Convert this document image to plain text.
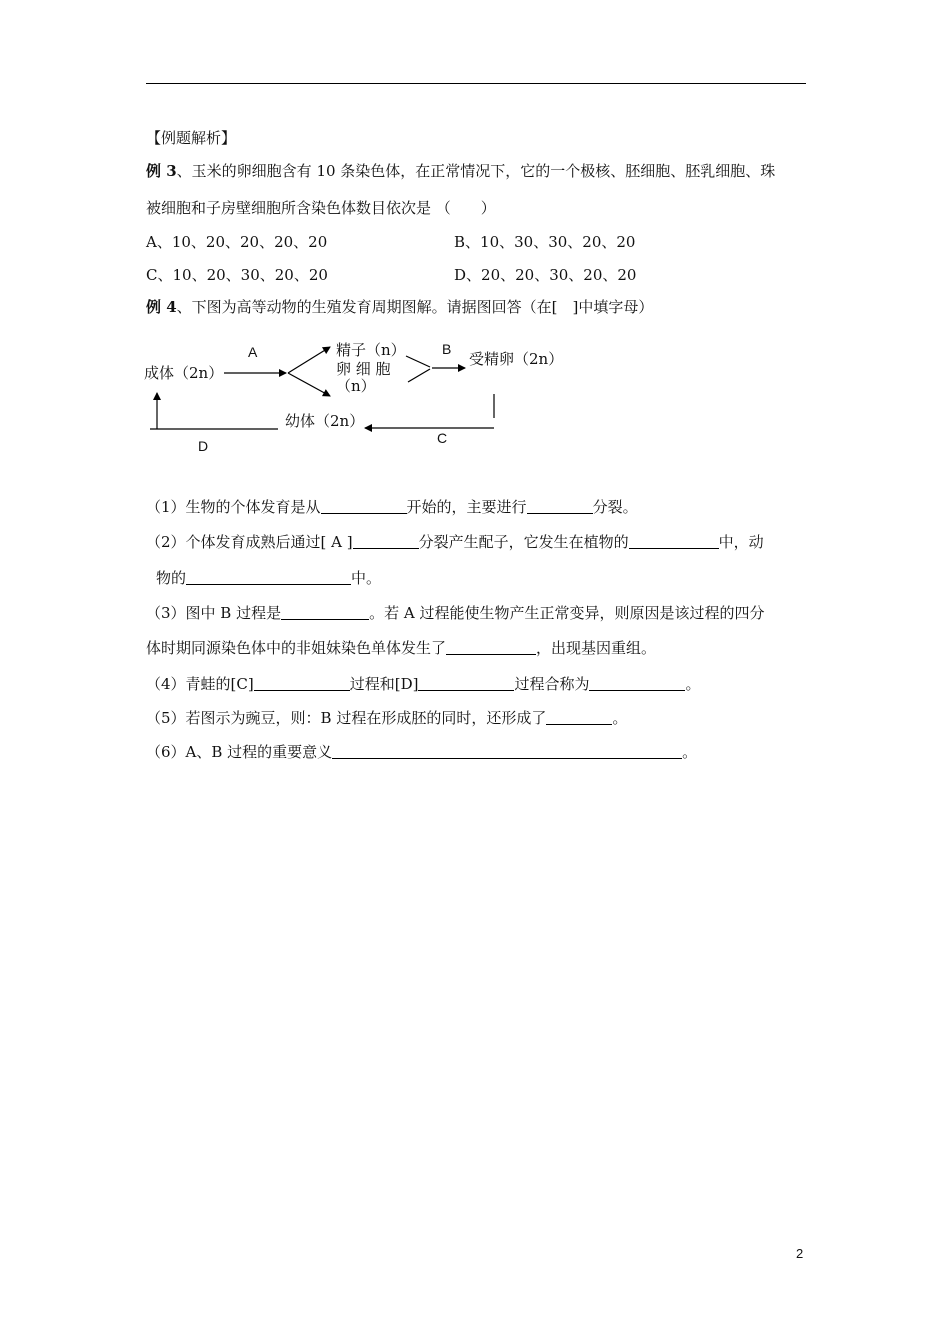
【例题解析】
例 3、玉米的卵细胞含有 10 条染色体，在正常情况下，它的一个极核、胚细胞、胚乳细胞、珠
被细胞和子房壁细胞所含染色体数目依次是 （　　）
A、10、20、20、20、20	B、10、30、30、20、20
C、10、20、30、20、20	D、20、20、30、20、20
例 4、下图为高等动物的生殖发育周期图解。请据图回答（在[　]中填字母）
成体（2n）
A	精子（n）
卵 细 胞
（n）
B
受精卵（2n）
幼体（2n）
C
D
（1）生物的个体发育是从	开始的，主要进行	分裂。
（2）个体发育成熟后通过[ A ]	分裂产生配子，它发生在植物的	中，动
物的	中。
（3）图中 B 过程是	。若 A 过程能使生物产生正常变异，则原因是该过程的四分
体时期同源染色体中的非姐妹染色单体发生了	，出现基因重组。
（4）青蛙的[C]	过程和[D]	过程合称为	。
（5）若图示为豌豆，则：B 过程在形成胚的同时，还形成了	。
（6）A、B 过程的重要意义	。
2
